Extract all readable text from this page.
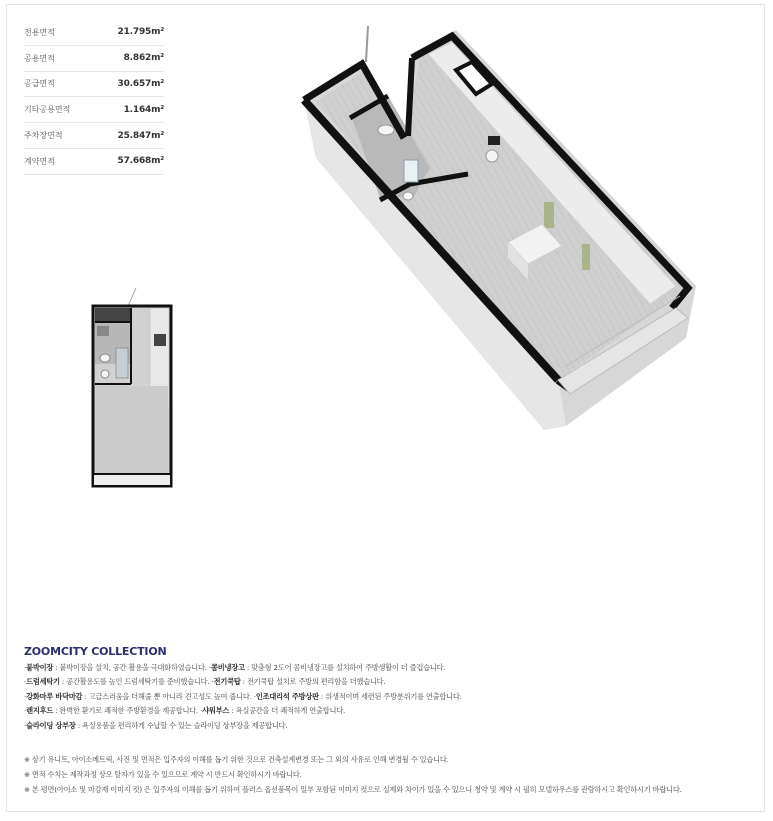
전용면적	21.795m²
공용면적	8.862m²
공급면적	30.657m²
기타공용면적	1.164m²
주차장면적	25.847m²
계약면적	57.668m²
ZOOMCITY COLLECTION
·붙박이장 : 붙박이장을 설치, 공간 활용을 극대화하였습니다. ·콤비냉장고 : 맞춤형 2도어 콤비냉장고를 설치하여 주방생활이 더 즐겁습니다.
·드럼세탁기 : 공간활용도를 높인 드럼세탁기를 준비했습니다. ·전기쿡탑 : 전기쿡탑 설치로 주방의 편리함을 더했습니다.
·강화마루 바닥마감 : 고급스러움을 더해줄 뿐 아니라 견고성도 높여 줍니다. ·인조대리석 주방상판 : 위생적이며 세련된 주방분위기를 연출합니다.
·렌지후드 : 완벽한 환기로 쾌적한 주방환경을 제공합니다. ·샤워부스 : 욕실공간을 더 쾌적하게 연출합니다.
·슬라이딩 상부장 : 욕실용품을 편리하게 수납할 수 있는 슬라이딩 상부장을 제공합니다.
※ 상기 유니트, 아이소메트릭, 사진 및 면적은 입주자의 이해를 돕기 위한 것으로 건축설계변경 또는 그 외의 사유로 인해 변경될 수 있습니다.
※ 면적 수치는 제작과정 상오 탈자가 있을 수 있으므로 계약 시 반드시 확인하시기 바랍니다.
※ 본 평면(아이소 및 마감재 이미지 컷) 은 입주자의 이해를 돕기 위하여 플러스 옵션품목이 일부 포함된 이미지 컷으로 실제와 차이가 있을 수 있으니 청약 및 계약 시 필히 모델하우스를 관람하시고 확인하시기 바랍니다.
